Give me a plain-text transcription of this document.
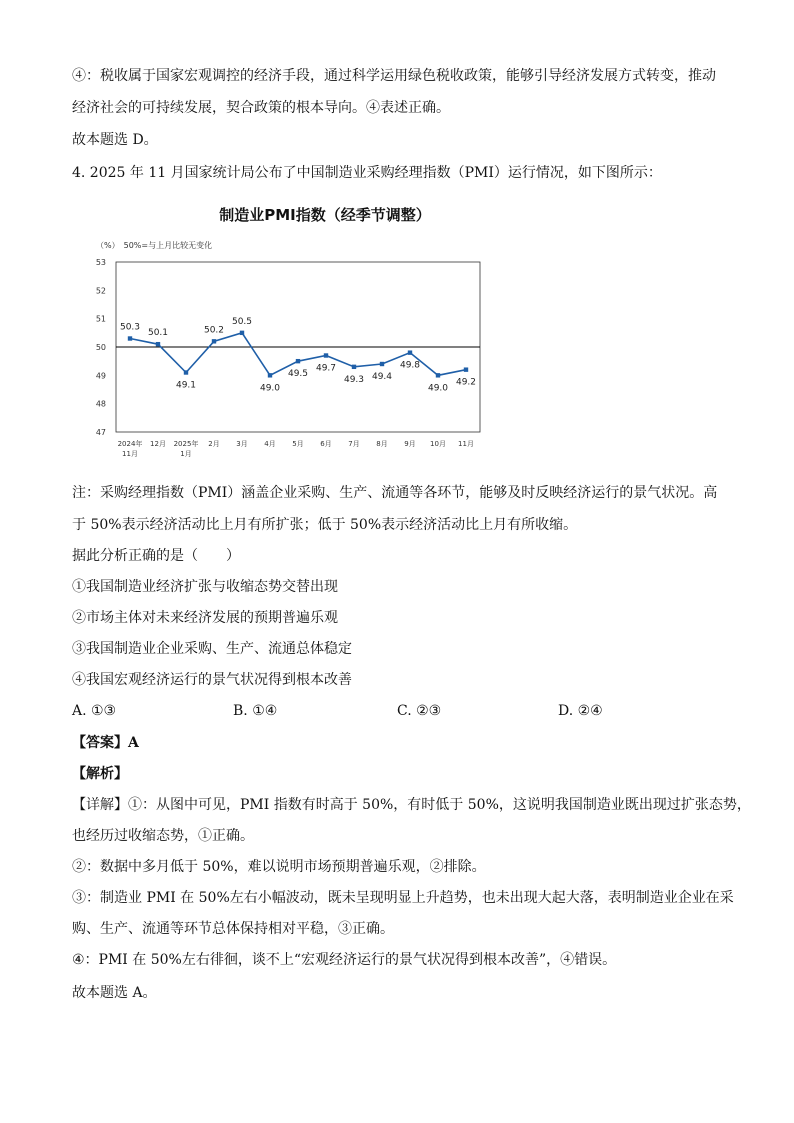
④：税收属于国家宏观调控的经济手段，通过科学运用绿色税收政策，能够引导经济发展方式转变，推动
经济社会的可持续发展，契合政策的根本导向。④表述正确。
故本题选 D。
4. 2025 年 11 月国家统计局公布了中国制造业采购经理指数（PMI）运行情况，如下图所示：
制造业PMI指数（经季节调整）
（%）　50%=与上月比较无变化
53
52
51
50
49
48
47
50.3
50.1
49.1
50.2
50.5
49.0
49.5
49.7
49.3 49.4
49.8
49.0
49.2
2024年 11月
12月 2025年 1月
2月 3月 4月 5月 6月 7月 8月 9月 10月 11月
注：采购经理指数（PMI）涵盖企业采购、生产、流通等各环节，能够及时反映经济运行的景气状况。高
于 50%表示经济活动比上月有所扩张；低于 50%表示经济活动比上月有所收缩。
据此分析正确的是（　　）
①我国制造业经济扩张与收缩态势交替出现
②市场主体对未来经济发展的预期普遍乐观
③我国制造业企业采购、生产、流通总体稳定
④我国宏观经济运行的景气状况得到根本改善
A. ①③	B. ①④	C. ②③	D. ②④
【答案】A
【解析】
【详解】①：从图中可见，PMI 指数有时高于 50%，有时低于 50%，这说明我国制造业既出现过扩张态势，
也经历过收缩态势，①正确。
②：数据中多月低于 50%，难以说明市场预期普遍乐观，②排除。
③：制造业 PMI 在 50%左右小幅波动，既未呈现明显上升趋势，也未出现大起大落，表明制造业企业在采
购、生产、流通等环节总体保持相对平稳，③正确。
④：PMI 在 50%左右徘徊，谈不上“宏观经济运行的景气状况得到根本改善”，④错误。
故本题选 A。
